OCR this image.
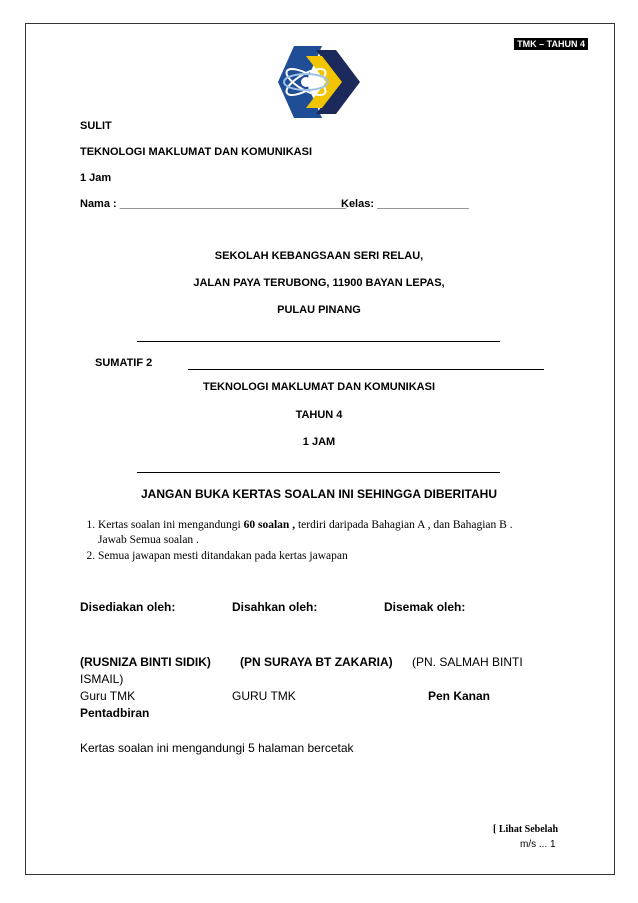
TMK – TAHUN 4
SULIT
TEKNOLOGI MAKLUMAT DAN KOMUNIKASI
1 Jam
Nama : _____________________________________
Kelas: _______________
SEKOLAH KEBANGSAAN SERI RELAU,
JALAN PAYA TERUBONG, 11900 BAYAN LEPAS,
PULAU PINANG
SUMATIF 2
TEKNOLOGI MAKLUMAT DAN KOMUNIKASI
TAHUN 4
1 JAM
JANGAN BUKA KERTAS SOALAN INI SEHINGGA DIBERITAHU
1. Kertas soalan ini mengandungi 60 soalan , terdiri daripada Bahagian A , dan Bahagian B . Jawab Semua soalan .
2. Semua jawapan mesti ditandakan pada kertas jawapan
Disediakan oleh:	Disahkan oleh:	Disemak oleh:
(RUSNIZA BINTI SIDIK) (PN SURAYA BT ZAKARIA) (PN. SALMAH BINTI
ISMAIL)
Guru TMK	GURU TMK	Pen Kanan
Pentadbiran
Kertas soalan ini mengandungi 5 halaman bercetak
[ Lihat Sebelah
m/s ... 1
